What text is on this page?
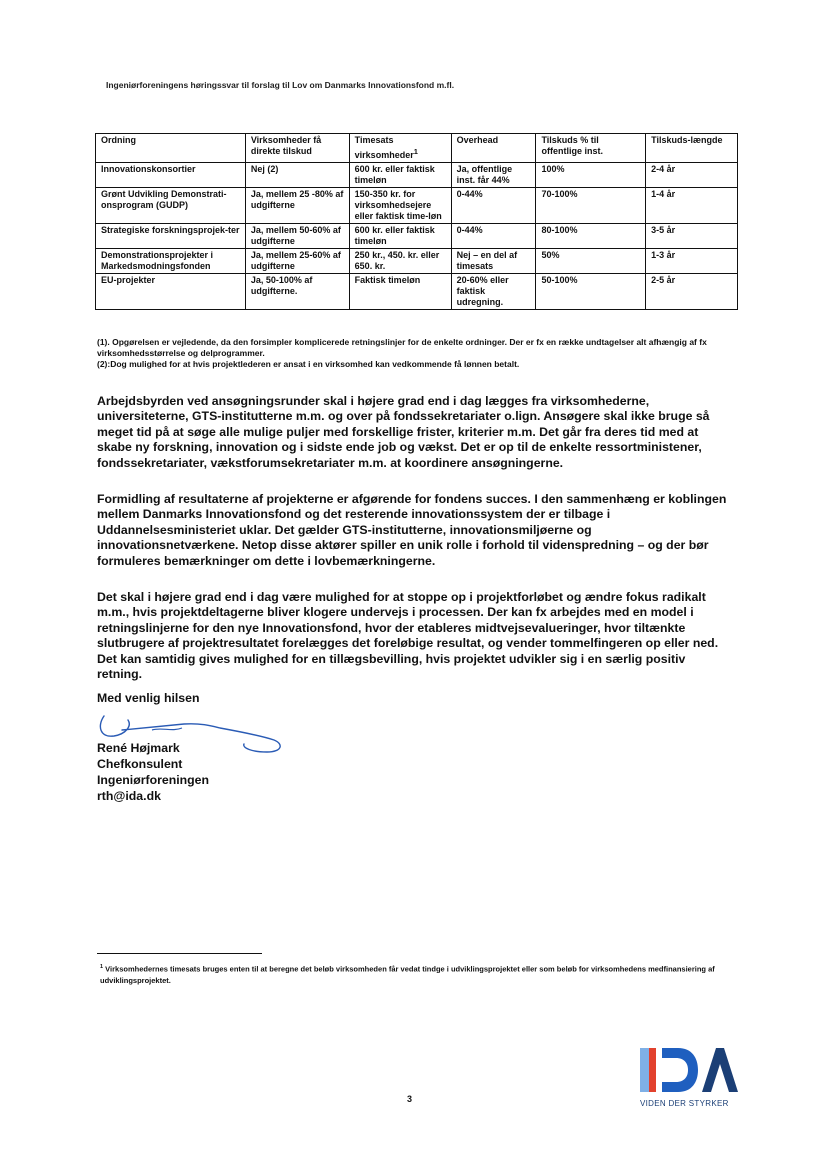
Ingeniørforeningens høringssvar til forslag til Lov om Danmarks Innovationsfond m.fl.
Ordning	Virksomheder få direkte tilskud	Timesats virksomheder$^1$	Overhead	Tilskuds % til offentlige inst.	Tilskuds-længde
Innovationskonsortier	Nej (2)	600 kr. eller faktisk timeløn	Ja, offentlige inst. får 44%	100%	2-4 år
Grønt Udvikling Demonstrati-onsprogram (GUDP)	Ja, mellem 25 -80% af udgifterne	150-350 kr. for virksomhedsejere eller faktisk time-løn	0-44%	70-100%	1-4 år
Strategiske forskningsprojek-ter	Ja, mellem 50-60% af udgifterne	600 kr. eller faktisk timeløn	0-44%	80-100%	3-5 år
Demonstrationsprojekter i Markedsmodningsfonden	Ja, mellem 25-60% af udgifterne	250 kr., 450. kr. eller 650. kr.	Nej – en del af timesats	50%	1-3 år
EU-projekter	Ja, 50-100% af udgifterne.	Faktisk timeløn	20-60% eller faktisk udregning.	50-100%	2-5 år
(1). Opgørelsen er vejledende, da den forsimpler komplicerede retningslinjer for de enkelte ordninger. Der er fx en række undtagelser alt afhængig af fx virksomhedsstørrelse og delprogrammer.
(2):Dog mulighed for at hvis projektlederen er ansat i en virksomhed kan vedkommende få lønnen betalt.

Arbejdsbyrden ved ansøgningsrunder skal i højere grad end i dag lægges fra virksomhederne, universiteterne, GTS-institutterne m.m. og over på fondssekretariater o.lign. Ansøgere skal ikke bruge så meget tid på at søge alle mulige puljer med forskellige frister, kriterier m.m. Det går fra deres tid med at skabe ny forskning, innovation og i sidste ende job og vækst. Det er op til de enkelte ressortministener, fondssekretariater, vækstforumsekretariater m.m. at koordinere ansøgningerne.

Formidling af resultaterne af projekterne er afgørende for fondens succes. I den sammenhæng er koblingen mellem Danmarks Innovationsfond og det resterende innovationssystem der er tilbage i Uddannelsesministeriet uklar. Det gælder GTS-institutterne, innovationsmiljøerne og innovationsnetværkene. Netop disse aktører spiller en unik rolle i forhold til videnspredning – og der bør formuleres bemærkninger om dette i lovbemærkningerne.

Det skal i højere grad end i dag være mulighed for at stoppe op i projektforløbet og ændre fokus radikalt m.m., hvis projektdeltagerne bliver klogere undervejs i processen. Der kan fx arbejdes med en model i retningslinjerne for den nye Innovationsfond, hvor der etableres midtvejsevalueringer, hvor tiltænkte slutbrugere af projektresultatet forelægges det foreløbige resultat, og vender tommelfingeren op eller ned. Det kan samtidig gives mulighed for en tillægsbevilling, hvis projektet udvikler sig i en særlig positiv retning.

Med venlig hilsen
René Højmark
Chefkonsulent
Ingeniørforeningen
rth@ida.dk
$^1$ Virksomhedernes timesats bruges enten til at beregne det beløb virksomheden får vedat tindge i udviklingsprojektet eller som beløb for virksomhedens medfinansiering af udviklingsprojektet.
3	VIDEN DER STYRKER
